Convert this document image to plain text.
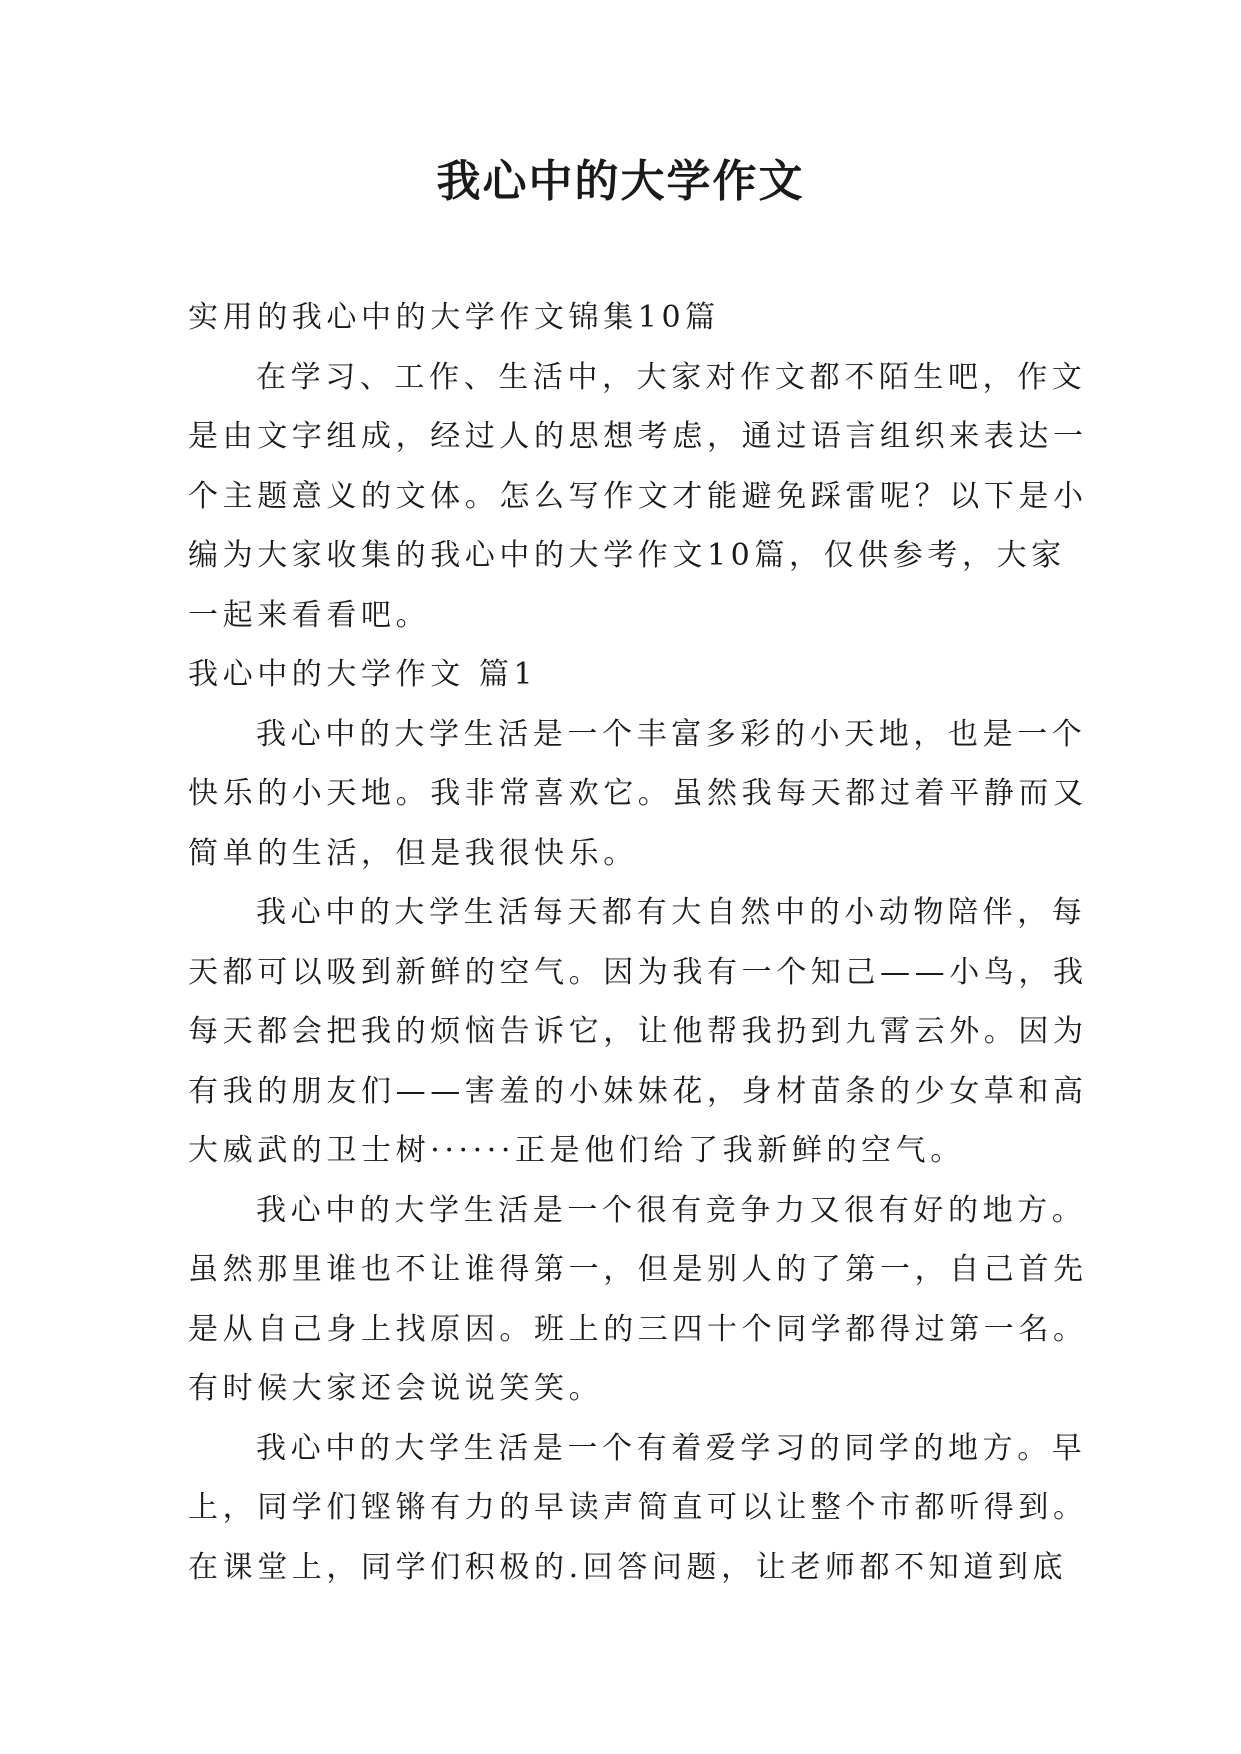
我心中的大学作文
实用的我心中的大学作文锦集10篇
在学习、工作、生活中，大家对作文都不陌生吧，作文
是由文字组成，经过人的思想考虑，通过语言组织来表达一
个主题意义的文体。怎么写作文才能避免踩雷呢？以下是小
编为大家收集的我心中的大学作文10篇，仅供参考，大家
一起来看看吧。
我心中的大学作文 篇1
我心中的大学生活是一个丰富多彩的小天地，也是一个
快乐的小天地。我非常喜欢它。虽然我每天都过着平静而又
简单的生活，但是我很快乐。
我心中的大学生活每天都有大自然中的小动物陪伴，每
天都可以吸到新鲜的空气。因为我有一个知己——小鸟，我
每天都会把我的烦恼告诉它，让他帮我扔到九霄云外。因为
有我的朋友们——害羞的小妹妹花，身材苗条的少女草和高
大威武的卫士树······正是他们给了我新鲜的空气。
我心中的大学生活是一个很有竞争力又很有好的地方。
虽然那里谁也不让谁得第一，但是别人的了第一，自己首先
是从自己身上找原因。班上的三四十个同学都得过第一名。
有时候大家还会说说笑笑。
我心中的大学生活是一个有着爱学习的同学的地方。早
上，同学们铿锵有力的早读声简直可以让整个市都听得到。
在课堂上，同学们积极的.回答问题，让老师都不知道到底
